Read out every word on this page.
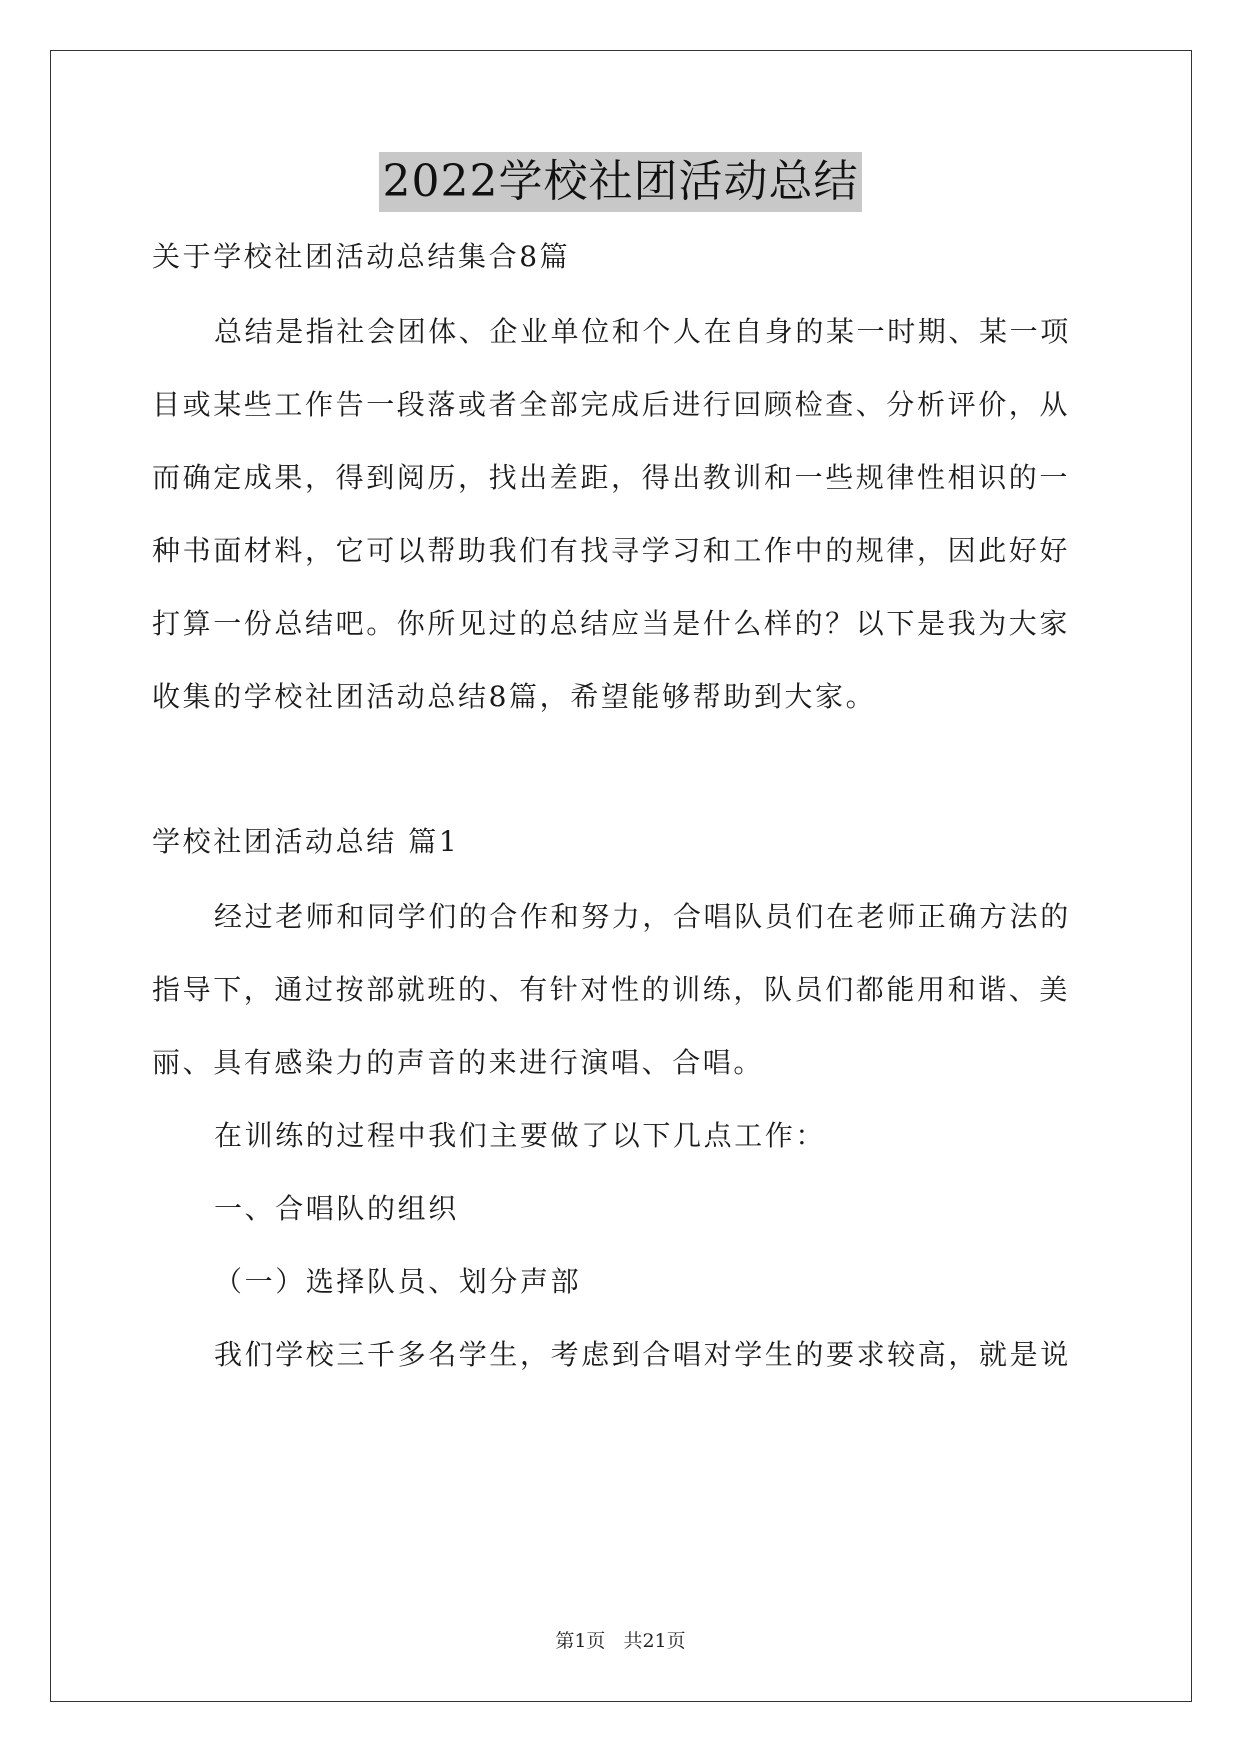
2022学校社团活动总结
关于学校社团活动总结集合8篇
总结是指社会团体、企业单位和个人在自身的某一时期、某一项
目或某些工作告一段落或者全部完成后进行回顾检查、分析评价，从
而确定成果，得到阅历，找出差距，得出教训和一些规律性相识的一
种书面材料，它可以帮助我们有找寻学习和工作中的规律，因此好好
打算一份总结吧。你所见过的总结应当是什么样的？以下是我为大家
收集的学校社团活动总结8篇，希望能够帮助到大家。
学校社团活动总结 篇1
经过老师和同学们的合作和努力，合唱队员们在老师正确方法的
指导下，通过按部就班的、有针对性的训练，队员们都能用和谐、美
丽、具有感染力的声音的来进行演唱、合唱。
在训练的过程中我们主要做了以下几点工作：
一、合唱队的组织
（一）选择队员、划分声部
我们学校三千多名学生，考虑到合唱对学生的要求较高，就是说
第1页 共21页
